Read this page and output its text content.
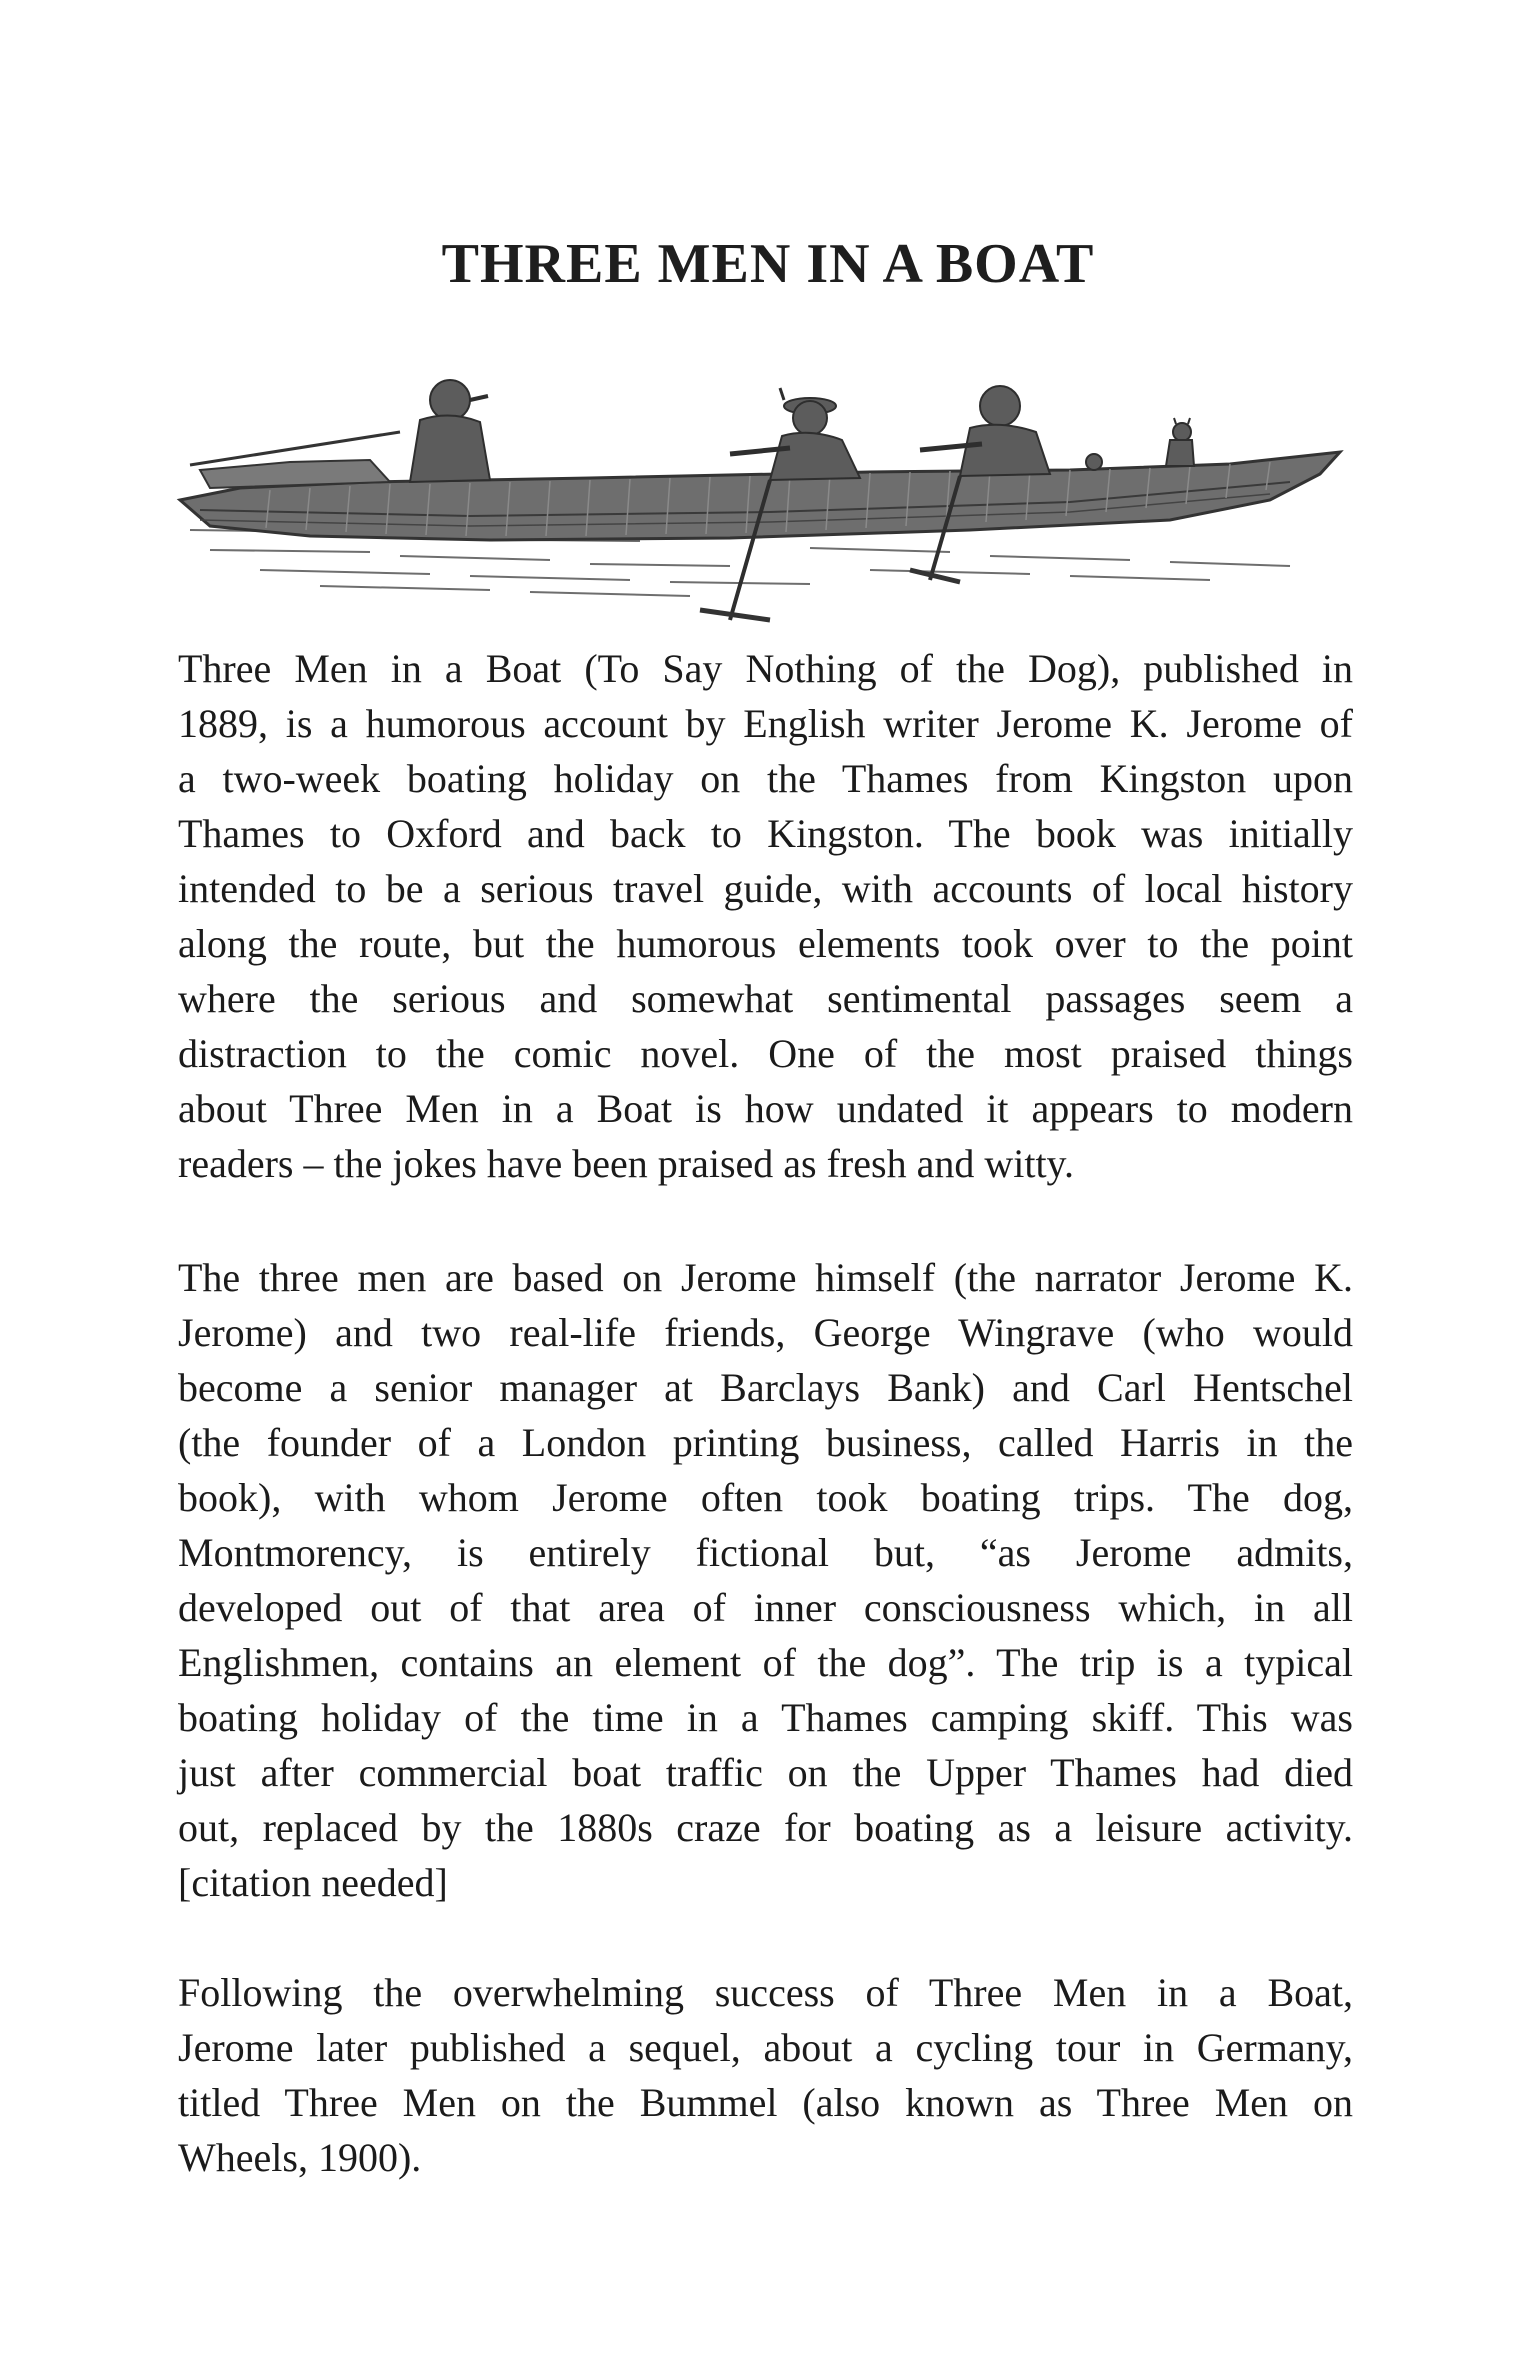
THREE MEN IN A BOAT

Three Men in a Boat (To Say Nothing of the Dog), published in
1889, is a humorous account by English writer Jerome K. Jerome of
a two-week boating holiday on the Thames from Kingston upon
Thames to Oxford and back to Kingston. The book was initially
intended to be a serious travel guide, with accounts of local history
along the route, but the humorous elements took over to the point
where the serious and somewhat sentimental passages seem a
distraction to the comic novel. One of the most praised things
about Three Men in a Boat is how undated it appears to modern
readers – the jokes have been praised as fresh and witty.

The three men are based on Jerome himself (the narrator Jerome K.
Jerome) and two real-life friends, George Wingrave (who would
become a senior manager at Barclays Bank) and Carl Hentschel
(the founder of a London printing business, called Harris in the
book), with whom Jerome often took boating trips. The dog,
Montmorency, is entirely fictional but, “as Jerome admits,
developed out of that area of inner consciousness which, in all
Englishmen, contains an element of the dog”. The trip is a typical
boating holiday of the time in a Thames camping skiff. This was
just after commercial boat traffic on the Upper Thames had died
out, replaced by the 1880s craze for boating as a leisure activity.
[citation needed]

Following the overwhelming success of Three Men in a Boat,
Jerome later published a sequel, about a cycling tour in Germany,
titled Three Men on the Bummel (also known as Three Men on
Wheels, 1900).
